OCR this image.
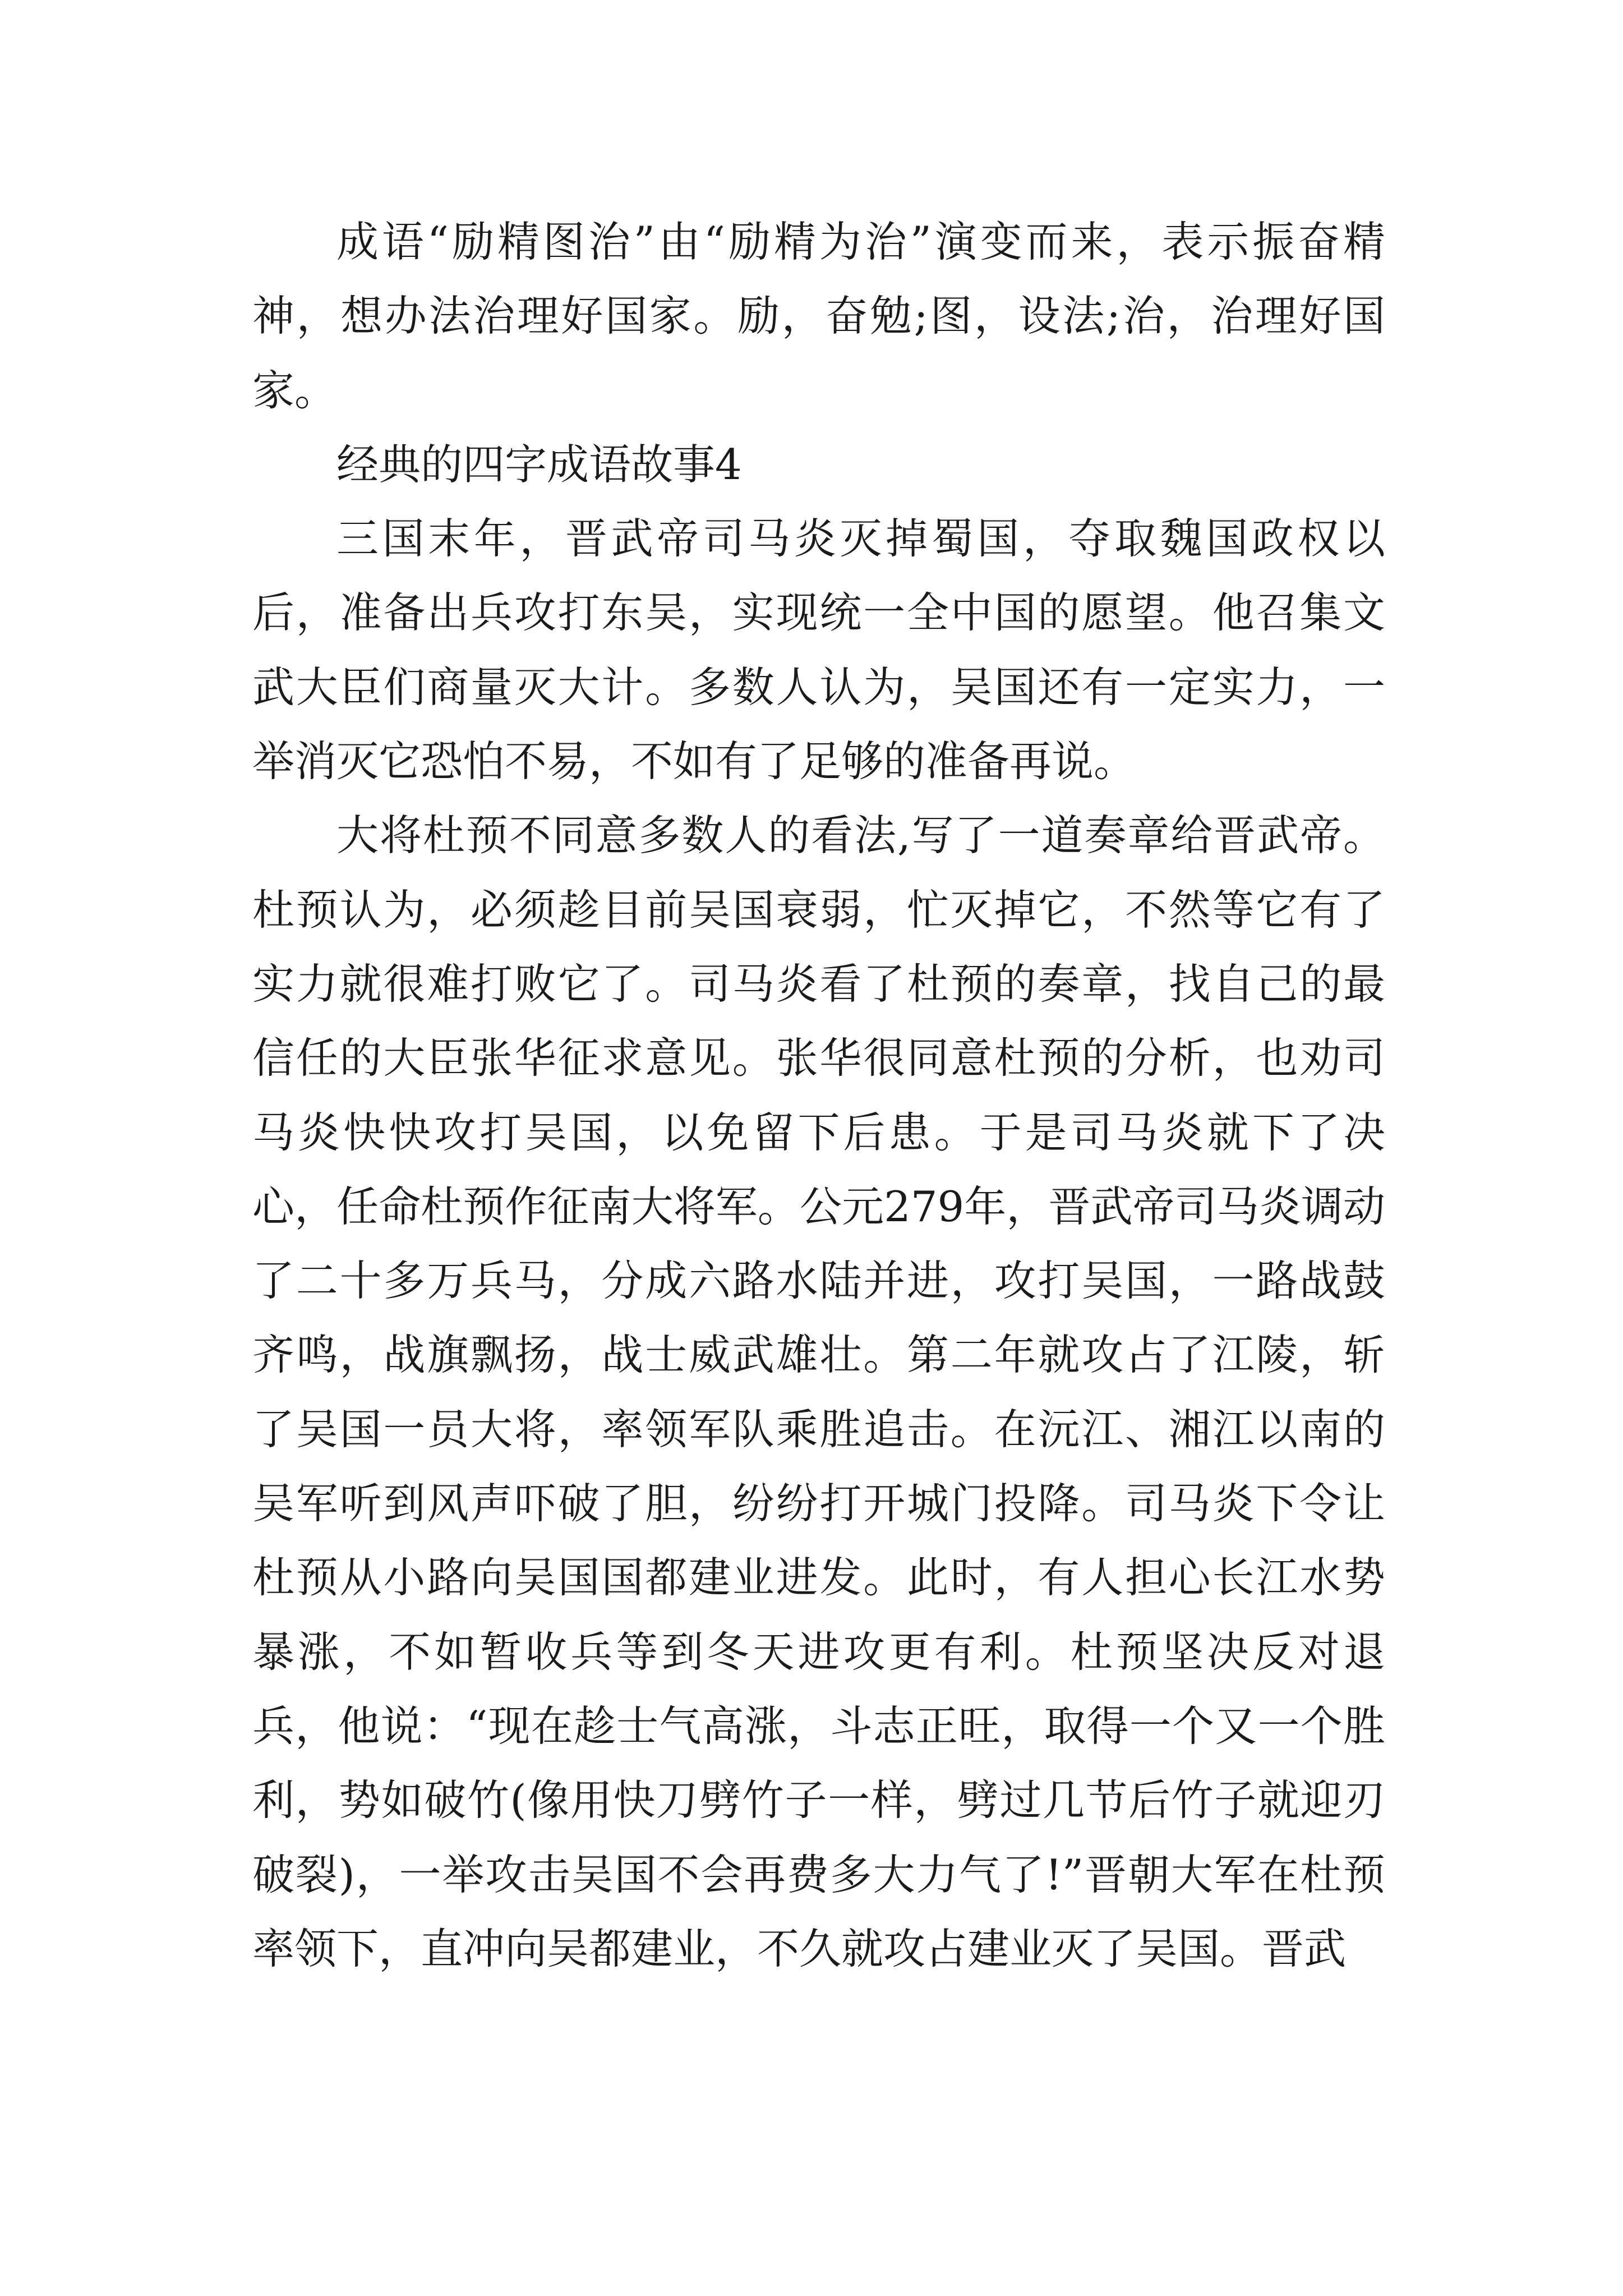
成语“励精图治”由“励精为治”演变而来，表示振奋精神，想办法治理好国家。励，奋勉;图，设法;治，治理好国家。

经典的四字成语故事4

三国末年，晋武帝司马炎灭掉蜀国，夺取魏国政权以后，准备出兵攻打东吴，实现统一全中国的愿望。他召集文武大臣们商量灭大计。多数人认为，吴国还有一定实力，一举消灭它恐怕不易，不如有了足够的准备再说。

大将杜预不同意多数人的看法,写了一道奏章给晋武帝。杜预认为，必须趁目前吴国衰弱，忙灭掉它，不然等它有了实力就很难打败它了。司马炎看了杜预的奏章，找自己的最信任的大臣张华征求意见。张华很同意杜预的分析，也劝司马炎快快攻打吴国，以免留下后患。于是司马炎就下了决心，任命杜预作征南大将军。公元279年，晋武帝司马炎调动了二十多万兵马，分成六路水陆并进，攻打吴国，一路战鼓齐鸣，战旗飘扬，战士威武雄壮。第二年就攻占了江陵，斩了吴国一员大将，率领军队乘胜追击。在沅江、湘江以南的吴军听到风声吓破了胆，纷纷打开城门投降。司马炎下令让杜预从小路向吴国国都建业进发。此时，有人担心长江水势暴涨，不如暂收兵等到冬天进攻更有利。杜预坚决反对退兵，他说：“现在趁士气高涨，斗志正旺，取得一个又一个胜利，势如破竹(像用快刀劈竹子一样，劈过几节后竹子就迎刃破裂)，一举攻击吴国不会再费多大力气了!”晋朝大军在杜预率领下，直冲向吴都建业，不久就攻占建业灭了吴国。晋武
